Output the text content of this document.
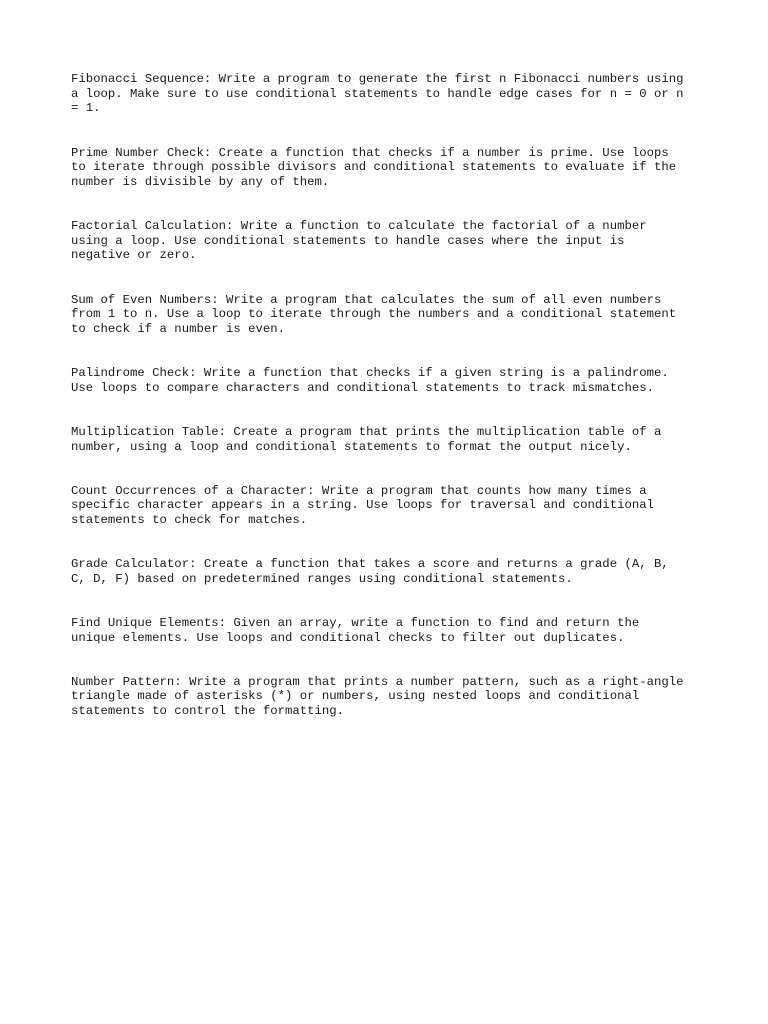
Fibonacci Sequence: Write a program to generate the first n Fibonacci numbers using
a loop. Make sure to use conditional statements to handle edge cases for n = 0 or n
= 1.
Prime Number Check: Create a function that checks if a number is prime. Use loops
to iterate through possible divisors and conditional statements to evaluate if the
number is divisible by any of them.
Factorial Calculation: Write a function to calculate the factorial of a number
using a loop. Use conditional statements to handle cases where the input is
negative or zero.
Sum of Even Numbers: Write a program that calculates the sum of all even numbers
from 1 to n. Use a loop to iterate through the numbers and a conditional statement
to check if a number is even.
Palindrome Check: Write a function that checks if a given string is a palindrome.
Use loops to compare characters and conditional statements to track mismatches.
Multiplication Table: Create a program that prints the multiplication table of a
number, using a loop and conditional statements to format the output nicely.
Count Occurrences of a Character: Write a program that counts how many times a
specific character appears in a string. Use loops for traversal and conditional
statements to check for matches.
Grade Calculator: Create a function that takes a score and returns a grade (A, B,
C, D, F) based on predetermined ranges using conditional statements.
Find Unique Elements: Given an array, write a function to find and return the
unique elements. Use loops and conditional checks to filter out duplicates.
Number Pattern: Write a program that prints a number pattern, such as a right-angle
triangle made of asterisks (*) or numbers, using nested loops and conditional
statements to control the formatting.
